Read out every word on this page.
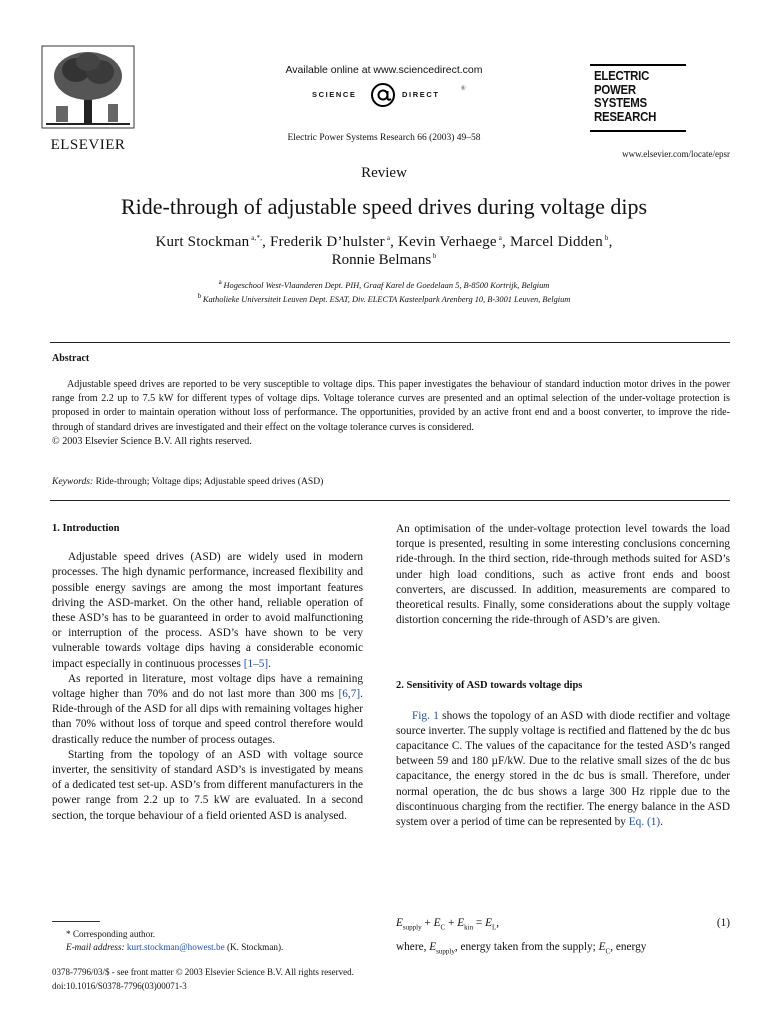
ELSEVIER
Available online at www.sciencedirect.com
SCIENCE	DIRECT
®
Electric Power Systems Research 66 (2003) 49–58
ELECTRIC
POWER
SYSTEMS
RESEARCH
www.elsevier.com/locate/epsr
Review
Ride-through of adjustable speed drives during voltage dips
Kurt Stockman $^{a,*,}$, Frederik D’hulster $^a$, Kevin Verhaege $^a$, Marcel Didden $^b$,
Ronnie Belmans $^b$
$^a$ Hogeschool West-Vlaanderen Dept. PIH, Graaf Karel de Goedelaan 5, B-8500 Kortrijk, Belgium
$^b$ Katholieke Universiteit Leuven Dept. ESAT, Div. ELECTA Kasteelpark Arenberg 10, B-3001 Leuven, Belgium
Abstract
Adjustable speed drives are reported to be very susceptible to voltage dips. This paper investigates the behaviour of standard induction motor drives in the power range from 2.2 up to 7.5 kW for different types of voltage dips. Voltage tolerance curves are presented and an optimal selection of the under-voltage protection is proposed in order to maintain operation without loss of performance. The opportunities, provided by an active front end and a boost converter, to improve the ride-through of standard drives are investigated and their effect on the voltage tolerance curves is considered.
© 2003 Elsevier Science B.V. All rights reserved.
Keywords: Ride-through; Voltage dips; Adjustable speed drives (ASD)

1. Introduction

Adjustable speed drives (ASD) are widely used in modern processes. The high dynamic performance, increased flexibility and possible energy savings are among the most important features driving the ASD-market. On the other hand, reliable operation of these ASD’s has to be guaranteed in order to avoid malfunctioning or interruption of the process. ASD’s have shown to be very vulnerable towards voltage dips having a considerable economic impact especially in continuous processes [1–5].

As reported in literature, most voltage dips have a remaining voltage higher than 70% and do not last more than 300 ms [6,7]. Ride-through of the ASD for all dips with remaining voltages higher than 70% without loss of torque and speed control therefore would drastically reduce the number of process outages.

Starting from the topology of an ASD with voltage source inverter, the sensitivity of standard ASD’s is investigated by means of a dedicated test set-up. ASD’s from different manufacturers in the power range from 2.2 up to 7.5 kW are evaluated. In a second section, the torque behaviour of a field oriented ASD is analysed.

* Corresponding author.
E-mail address: kurt.stockman@howest.be (K. Stockman).

An optimisation of the under-voltage protection level towards the load torque is presented, resulting in some interesting conclusions concerning ride-through. In the third section, ride-through methods suited for ASD’s under high load conditions, such as active front ends and boost converters, are discussed. In addition, measurements are compared to theoretical results. Finally, some considerations about the supply voltage distortion concerning the ride-through of ASD’s are given.

2. Sensitivity of ASD towards voltage dips

Fig. 1 shows the topology of an ASD with diode rectifier and voltage source inverter. The supply voltage is rectified and flattened by the dc bus capacitance C. The values of the capacitance for the tested ASD’s ranged between 59 and 180 µF/kW. Due to the relative small sizes of the dc bus capacitance, the energy stored in the dc bus is small. Therefore, under normal operation, the dc bus shows a large 300 Hz ripple due to the discontinuous charging from the rectifier. The energy balance in the ASD system over a period of time can be represented by Eq. (1).

$E_{supply} + E_C + E_{kin} = E_L$,	(1)
where, $E_{supply}$, energy taken from the supply; $E_C$, energy
0378-7796/03/$ - see front matter © 2003 Elsevier Science B.V. All rights reserved.
doi:10.1016/S0378-7796(03)00071-3
